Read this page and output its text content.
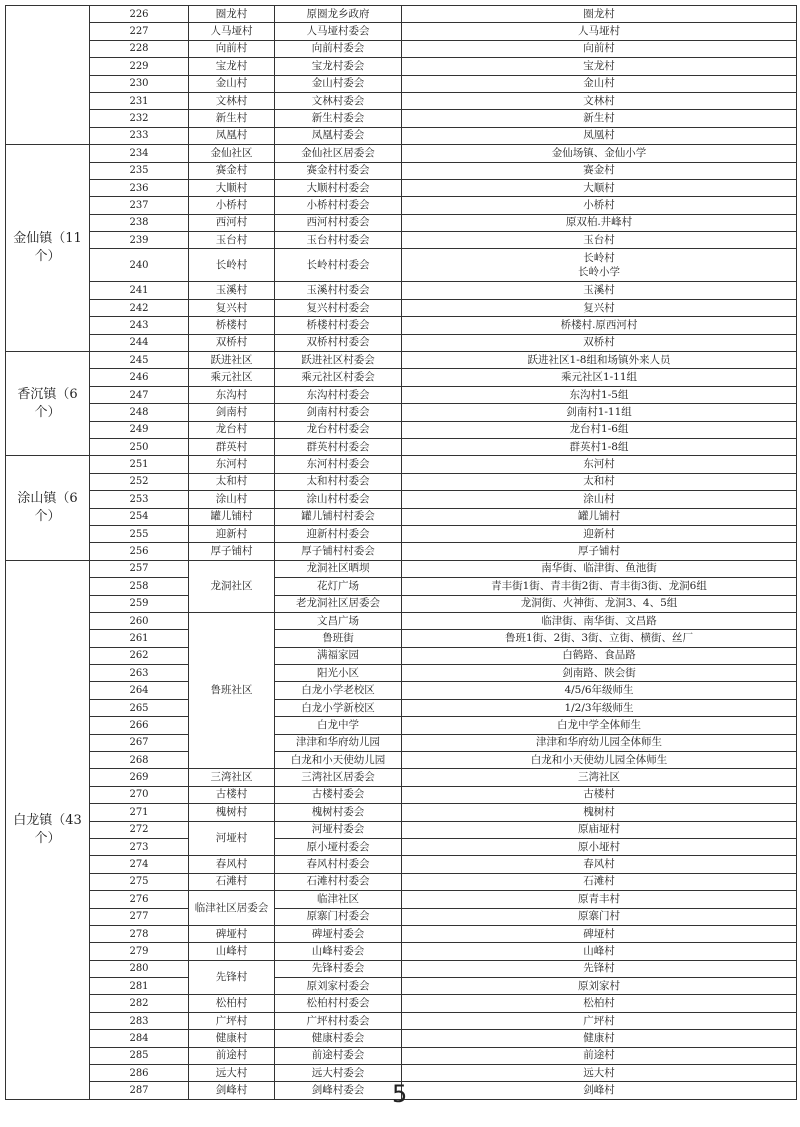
	226	圈龙村	原圈龙乡政府	圈龙村
	227	人马垭村	人马垭村委会	人马垭村
	228	向前村	向前村委会	向前村
	229	宝龙村	宝龙村委会	宝龙村
	230	金山村	金山村委会	金山村
	231	文林村	文林村委会	文林村
	232	新生村	新生村委会	新生村
	233	凤凰村	凤凰村委会	凤凰村
金仙镇（11个）	234	金仙社区	金仙社区居委会	金仙场镇、金仙小学
	235	赛金村	赛金村村委会	赛金村
	236	大顺村	大顺村村委会	大顺村
	237	小桥村	小桥村村委会	小桥村
	238	西河村	西河村村委会	原双柏.井峰村
	239	玉台村	玉台村村委会	玉台村
	240	长岭村	长岭村村委会	长岭村
长岭小学

	241	玉溪村	玉溪村村委会	玉溪村
	242	复兴村	复兴村村委会	复兴村
	243	桥楼村	桥楼村村委会	桥楼村.原西河村
	244	双桥村	双桥村村委会	双桥村
香沉镇（6个）	245	跃进社区	跃进社区村委会	跃进社区1-8组和场镇外来人员
	246	乘元社区	乘元社区村委会	乘元社区1-11组
	247	东沟村	东沟村村委会	东沟村1-5组
	248	剑南村	剑南村村委会	剑南村1-11组
	249	龙台村	龙台村村委会	龙台村1-6组
	250	群英村	群英村村委会	群英村1-8组
涂山镇（6个）	251	东河村	东河村村委会	东河村
	252	太和村	太和村村委会	太和村
	253	涂山村	涂山村村委会	涂山村
	254	罐儿铺村	罐儿铺村村委会	罐儿铺村
	255	迎新村	迎新村村委会	迎新村
	256	厚子铺村	厚子铺村村委会	厚子铺村
白龙镇（43个）	257	龙洞社区	龙洞社区晒坝	南华街、临津街、鱼池街
	258		花灯广场	青丰街1街、青丰街2街、青丰街3街、龙洞6组
	259		老龙洞社区居委会	龙洞街、火神街、龙洞3、4、5组
	260	鲁班社区	文昌广场	临津街、南华街、文昌路
	261		鲁班街	鲁班1街、2街、3街、立街、横街、丝厂
	262		满福家园	白鹤路、食品路
	263		阳光小区	剑南路、陕会街
	264		白龙小学老校区	4/5/6年级师生
	265		白龙小学新校区	1/2/3年级师生
	266		白龙中学	白龙中学全体师生
	267		津津和华府幼儿园	津津和华府幼儿园全体师生
	268		白龙和小天使幼儿园	白龙和小天使幼儿园全体师生
	269	三湾社区	三湾社区居委会	三湾社区
	270	古楼村	古楼村委会	古楼村
	271	槐树村	槐树村委会	槐树村
	272	河垭村	河垭村委会	原庙垭村
	273		原小垭村委会	原小垭村
	274	春风村	春风村村委会	春风村
	275	石滩村	石滩村村委会	石滩村
	276	临津社区居委会	临津社区	原青丰村
	277		原寨门村委会	原寨门村
	278	碑垭村	碑垭村委会	碑垭村
	279	山峰村	山峰村委会	山峰村
	280	先锋村	先锋村委会	先锋村
	281		原刘家村委会	原刘家村
	282	松柏村	松柏村村委会	松柏村
	283	广坪村	广坪村村委会	广坪村
	284	健康村	健康村委会	健康村
	285	前途村	前途村委会	前途村
	286	远大村	远大村委会	远大村
	287	剑峰村	剑峰村委会	剑峰村
5
